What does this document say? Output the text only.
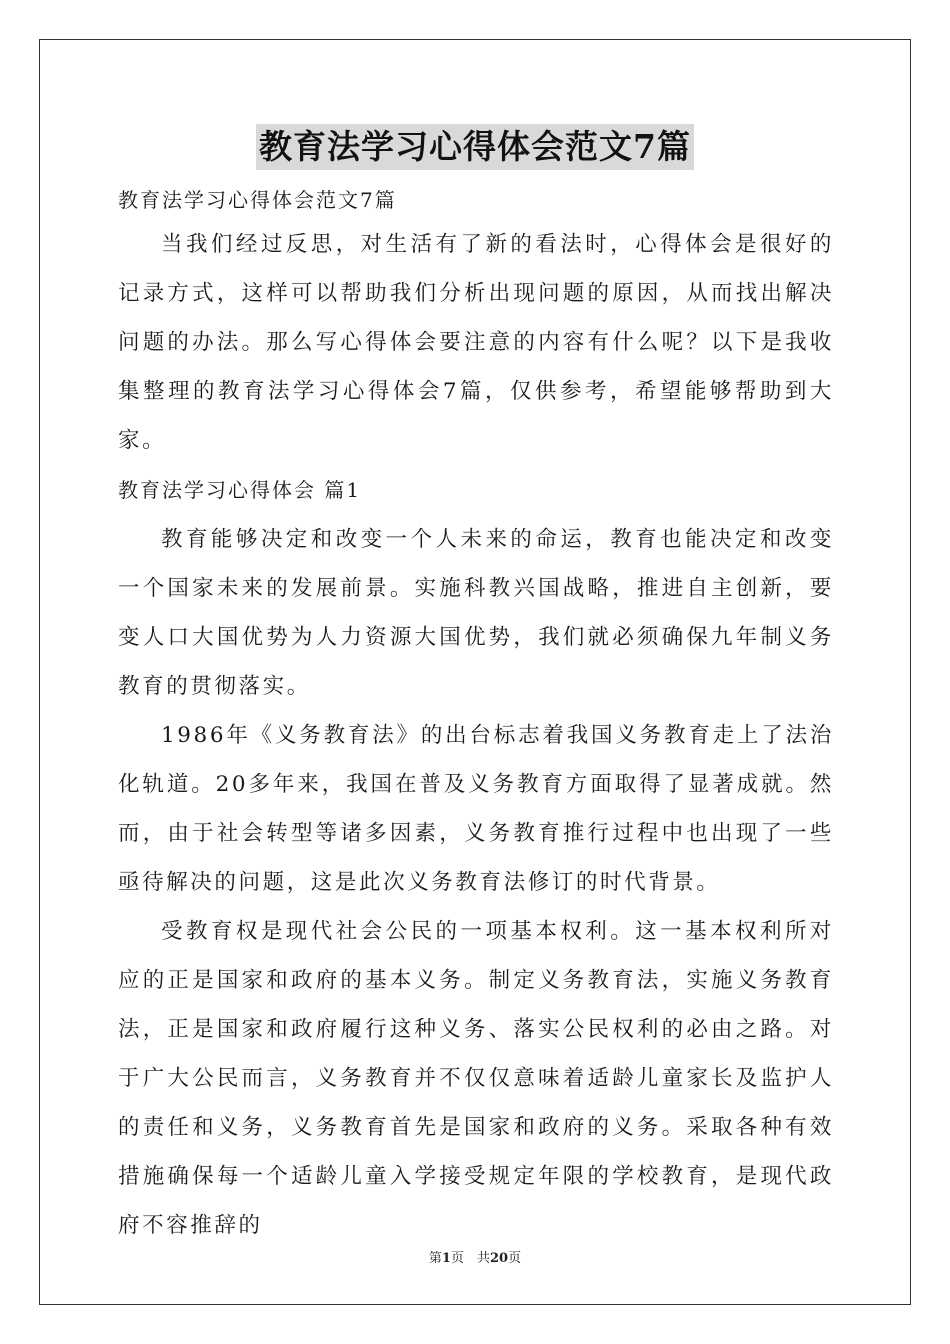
教育法学习心得体会范文7篇

教育法学习心得体会范文7篇

当我们经过反思，对生活有了新的看法时，心得体会是很好的记录方式，这样可以帮助我们分析出现问题的原因，从而找出解决问题的办法。那么写心得体会要注意的内容有什么呢？以下是我收集整理的教育法学习心得体会7篇，仅供参考，希望能够帮助到大家。

教育法学习心得体会 篇1

教育能够决定和改变一个人未来的命运，教育也能决定和改变一个国家未来的发展前景。实施科教兴国战略，推进自主创新，要变人口大国优势为人力资源大国优势，我们就必须确保九年制义务教育的贯彻落实。

1986年《义务教育法》的出台标志着我国义务教育走上了法治化轨道。20多年来，我国在普及义务教育方面取得了显著成就。然而，由于社会转型等诸多因素，义务教育推行过程中也出现了一些亟待解决的问题，这是此次义务教育法修订的时代背景。

受教育权是现代社会公民的一项基本权利。这一基本权利所对应的正是国家和政府的基本义务。制定义务教育法，实施义务教育法，正是国家和政府履行这种义务、落实公民权利的必由之路。对于广大公民而言，义务教育并不仅仅意味着适龄儿童家长及监护人的责任和义务，义务教育首先是国家和政府的义务。采取各种有效措施确保每一个适龄儿童入学接受规定年限的学校教育，是现代政府不容推辞的

第1页　共20页
